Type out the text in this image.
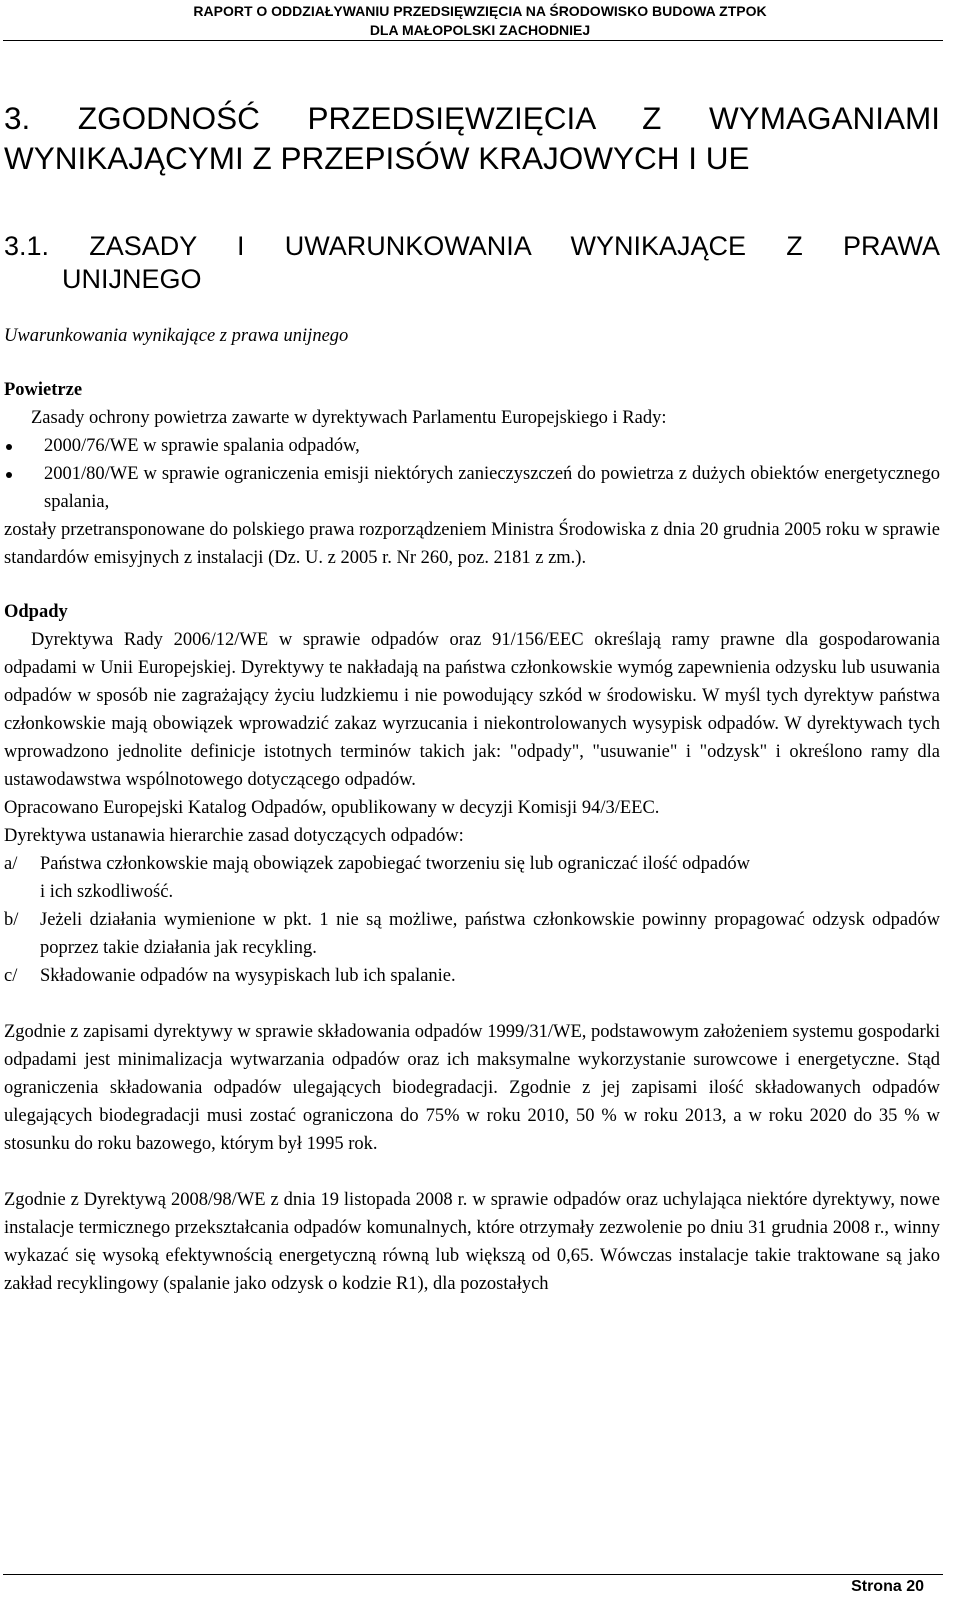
RAPORT O ODDZIAŁYWANIU PRZEDSIĘWZIĘCIA NA ŚRODOWISKO BUDOWA ZTPOK
DLA MAŁOPOLSKI ZACHODNIEJ
3. ZGODNOŚĆ PRZEDSIĘWZIĘCIA Z WYMAGANIAMI
WYNIKAJĄCYMI Z PRZEPISÓW KRAJOWYCH I UE
3.1. ZASADY I UWARUNKOWANIA WYNIKAJĄCE Z PRAWA
UNIJNEGO
Uwarunkowania wynikające z prawa unijnego
Powietrze
Zasady ochrony powietrza zawarte w dyrektywach Parlamentu Europejskiego i Rady:
2000/76/WE w sprawie spalania odpadów,
2001/80/WE w sprawie ograniczenia emisji niektórych zanieczyszczeń do powietrza z dużych obiektów energetycznego spalania,
zostały przetransponowane do polskiego prawa rozporządzeniem Ministra Środowiska z dnia 20 grudnia 2005 roku w sprawie standardów emisyjnych z instalacji (Dz. U. z 2005 r. Nr 260, poz. 2181 z zm.).
Odpady
Dyrektywa Rady 2006/12/WE w sprawie odpadów oraz 91/156/EEC określają ramy prawne dla gospodarowania odpadami w Unii Europejskiej. Dyrektywy te nakładają na państwa członkowskie wymóg zapewnienia odzysku lub usuwania odpadów w sposób nie zagrażający życiu ludzkiemu i nie powodujący szkód w środowisku. W myśl tych dyrektyw państwa członkowskie mają obowiązek wprowadzić zakaz wyrzucania i niekontrolowanych wysypisk odpadów. W dyrektywach tych wprowadzono jednolite definicje istotnych terminów takich jak: "odpady", "usuwanie" i "odzysk" i określono ramy dla ustawodawstwa wspólnotowego dotyczącego odpadów.
Opracowano Europejski Katalog Odpadów, opublikowany w decyzji Komisji 94/3/EEC.
Dyrektywa ustanawia hierarchie zasad dotyczących odpadów:
a/ Państwa członkowskie mają obowiązek zapobiegać tworzeniu się lub ograniczać ilość odpadów
i ich szkodliwość.
b/ Jeżeli działania wymienione w pkt. 1 nie są możliwe, państwa członkowskie powinny propagować odzysk odpadów poprzez takie działania jak recykling.
c/ Składowanie odpadów na wysypiskach lub ich spalanie.
Zgodnie z zapisami dyrektywy w sprawie składowania odpadów 1999/31/WE, podstawowym założeniem systemu gospodarki odpadami jest minimalizacja wytwarzania odpadów oraz ich maksymalne wykorzystanie surowcowe i energetyczne. Stąd ograniczenia składowania odpadów ulegających biodegradacji. Zgodnie z jej zapisami ilość składowanych odpadów ulegających biodegradacji musi zostać ograniczona do 75% w roku 2010, 50 % w roku 2013, a w roku 2020 do 35 % w stosunku do roku bazowego, którym był 1995 rok.
Zgodnie z Dyrektywą 2008/98/WE z dnia 19 listopada 2008 r. w sprawie odpadów oraz uchylająca niektóre dyrektywy, nowe instalacje termicznego przekształcania odpadów komunalnych, które otrzymały zezwolenie po dniu 31 grudnia 2008 r., winny wykazać się wysoką efektywnością energetyczną równą lub większą od 0,65. Wówczas instalacje takie traktowane są jako zakład recyklingowy (spalanie jako odzysk o kodzie R1), dla pozostałych
Strona 20
